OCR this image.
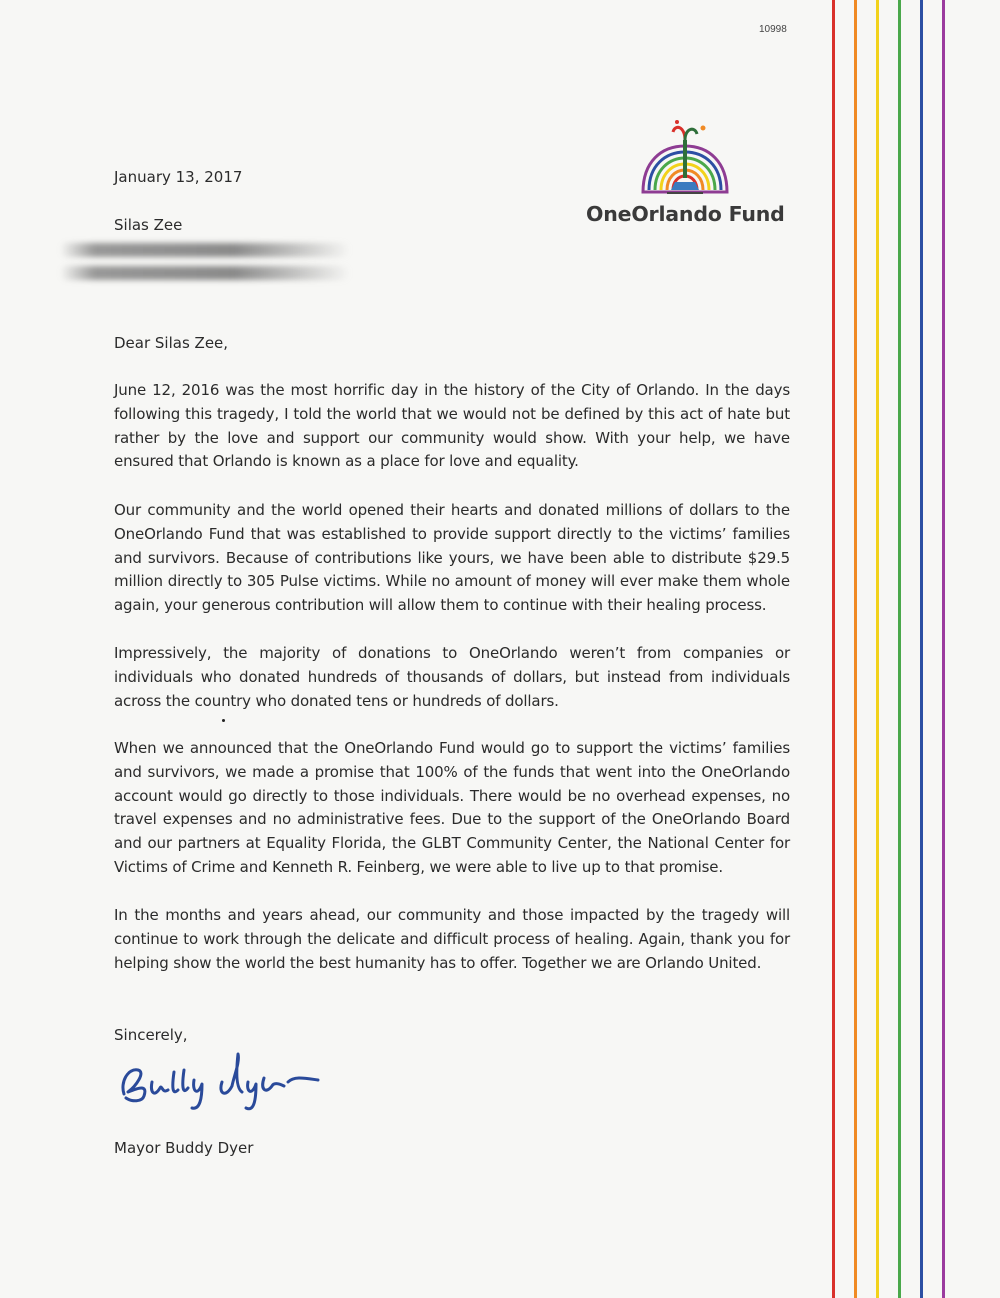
10998
OneOrlando Fund
January 13, 2017
Silas Zee
Dear Silas Zee,

June 12, 2016 was the most horrific day in the history of the City of Orlando. In the days following this tragedy, I told the world that we would not be defined by this act of hate but rather by the love and support our community would show. With your help, we have ensured that Orlando is known as a place for love and equality.

Our community and the world opened their hearts and donated millions of dollars to the OneOrlando Fund that was established to provide support directly to the victims’ families and survivors. Because of contributions like yours, we have been able to distribute $29.5 million directly to 305 Pulse victims. While no amount of money will ever make them whole again, your generous contribution will allow them to continue with their healing process.

Impressively, the majority of donations to OneOrlando weren’t from companies or individuals who donated hundreds of thousands of dollars, but instead from individuals across the country who donated tens or hundreds of dollars.

When we announced that the OneOrlando Fund would go to support the victims’ families and survivors, we made a promise that 100% of the funds that went into the OneOrlando account would go directly to those individuals. There would be no overhead expenses, no travel expenses and no administrative fees. Due to the support of the OneOrlando Board and our partners at Equality Florida, the GLBT Community Center, the National Center for Victims of Crime and Kenneth R. Feinberg, we were able to live up to that promise.

In the months and years ahead, our community and those impacted by the tragedy will continue to work through the delicate and difficult process of healing. Again, thank you for helping show the world the best humanity has to offer. Together we are Orlando United.

Sincerely,
Mayor Buddy Dyer
